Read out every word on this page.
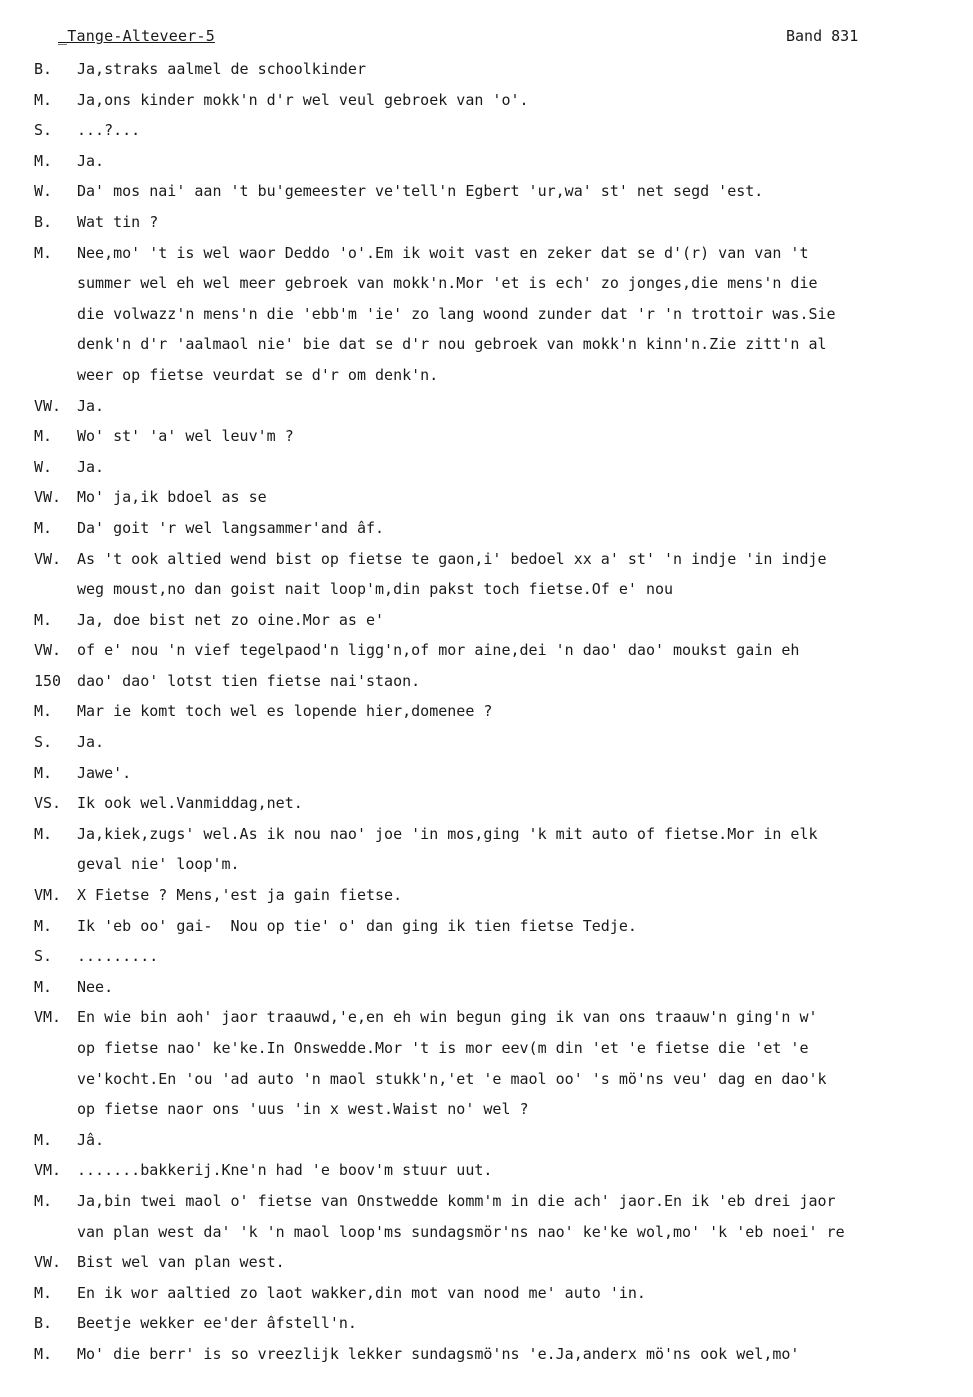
_Tange-Alteveer-5	Band 831
B.	Ja,straks aalmel de schoolkinder
M.	Ja,ons kinder mokk'n d'r wel veul gebroek van 'o'.
S.	...?...
M.	Ja.
W.	Da' mos nai' aan 't bu'gemeester ve'tell'n Egbert 'ur,wa' st' net segd 'est.
B.	Wat tin ?
M.	Nee,mo' 't is wel waor Deddo 'o'.Em ik woit vast en zeker dat se d'(r) van van 't
summer wel eh wel meer gebroek van mokk'n.Mor 'et is ech' zo jonges,die mens'n die
die volwazz'n mens'n die 'ebb'm 'ie' zo lang woond zunder dat 'r 'n trottoir was.Sie
denk'n d'r 'aalmaol nie' bie dat se d'r nou gebroek van mokk'n kinn'n.Zie zitt'n al
weer op fietse veurdat se d'r om denk'n.
VW.	Ja.
M.	Wo' st' 'a' wel leuv'm ?
W.	Ja.
VW.	Mo' ja,ik bdoel as se
M.	Da' goit 'r wel langsammer'and âf.
VW.	As 't ook altied wend bist op fietse te gaon,i' bedoel xx a' st' 'n indje 'in indje
weg moust,no dan goist nait loop'm,din pakst toch fietse.Of e' nou
M.	Ja, doe bist net zo oine.Mor as e'
VW.	of e' nou 'n vief tegelpaod'n ligg'n,of mor aine,dei 'n dao' dao' moukst gain eh
150	dao' dao' lotst tien fietse nai'staon.
M.	Mar ie komt toch wel es lopende hier,domenee ?
S.	Ja.
M.	Jawe'.
VS.	Ik ook wel.Vanmiddag,net.
M.	Ja,kiek,zugs' wel.As ik nou nao' joe 'in mos,ging 'k mit auto of fietse.Mor in elk
geval nie' loop'm.
VM.	X Fietse ? Mens,'est ja gain fietse.
M.	Ik 'eb oo' gai-  Nou op tie' o' dan ging ik tien fietse Tedje.
S.	.........
M.	Nee.
VM.	En wie bin aoh' jaor traauwd,'e,en eh win begun ging ik van ons traauw'n ging'n w'
op fietse nao' ke'ke.In Onswedde.Mor 't is mor eev(m din 'et 'e fietse die 'et 'e
ve'kocht.En 'ou 'ad auto 'n maol stukk'n,'et 'e maol oo' 's mö'ns veu' dag en dao'k
op fietse naor ons 'uus 'in x west.Waist no' wel ?
M.	Jâ.
VM.	.......bakkerij.Kne'n had 'e boov'm stuur uut.
M.	Ja,bin twei maol o' fietse van Onstwedde komm'm in die ach' jaor.En ik 'eb drei jaor
van plan west da' 'k 'n maol loop'ms sundagsmör'ns nao' ke'ke wol,mo' 'k 'eb noei' re
VW.	Bist wel van plan west.
M.	En ik wor aaltied zo laot wakker,din mot van nood me' auto 'in.
B.	Beetje wekker ee'der âfstell'n.
M.	Mo' die berr' is so vreezlijk lekker sundagsmö'ns 'e.Ja,anderx mö'ns ook wel,mo'
